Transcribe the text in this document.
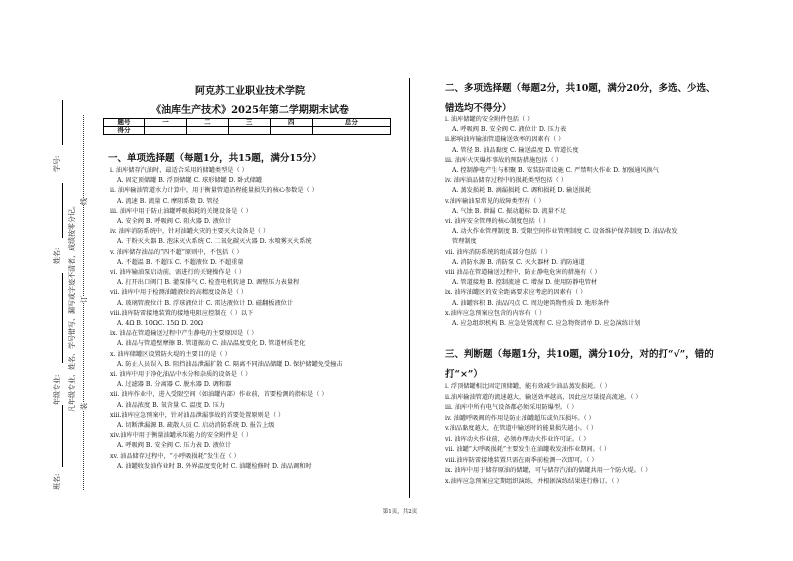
学号:
姓名:
年级专业:
班名:
凡年级专业、姓名、学号错写、漏写或字迹不清者，成绩按零分记。
线
订
装
阿克苏工业职业技术学院
《油库生产技术》2025年第二学期期末试卷
题号	一	二	三	四	总分
得分					
一、单项选择题（每题1分，共15题，满分15分）
i. 油库储存汽油时，最适合采用的储罐类型是（ ）
A. 固定顶储罐 B. 浮顶储罐 C. 球形储罐 D. 卧式储罐
ii. 油库输油管道水力计算中，用于衡量管道沿程能量损失的核心参数是（ ）
A. 流速 B. 流量 C. 摩阻系数 D. 管径
iii. 油库中用于防止油罐呼吸损耗的关键设备是（ ）
A. 安全阀 B. 呼吸阀 C. 阻火器 D. 液位计
iv. 油库消防系统中，针对油罐火灾的主要灭火设备是（ ）
A. 干粉灭火器 B. 泡沫灭火系统 C. 二氧化碳灭火器 D. 水喷雾灭火系统
v. 油库储存油品的“四不超”原则中，不包括（ ）
A. 不超温 B. 不超压 C. 不超液位 D. 不超重量
vi. 油库输油泵启动前，需进行的关键操作是（ ）
A. 打开出口阀门 B. 灌泵排气 C. 检查电机转速 D. 调整压力表量程
vii. 油库中用于检测油罐液位的高精度设备是（ ）
A. 玻璃管液位计 B. 浮球液位计 C. 雷达液位计 D. 磁翻板液位计
viii.油库防雷接地装置的接地电阻应控制在（ ）以下
A. 4Ω B. 10ΩC. 15Ω D. 20Ω
ix. 油品在管道输送过程中产生静电的主要原因是（ ）
A. 油品与管道壁摩擦 B. 管道振动 C. 油品温度变化 D. 管道材质老化
x. 油库储罐区设置防火堤的主要目的是（ ）
A. 防止人员误入 B. 阻挡油品泄漏扩散 C. 隔离不同油品储罐 D. 保护储罐免受撞击
xi. 油库中用于净化油品中水分和杂质的设备是（ ）
A. 过滤器 B. 分离器 C. 脱水器 D. 调和器
xii. 油库作业中，进入受限空间（如油罐内部）作业前，首要检测的指标是（ ）
A. 油品浓度 B. 氧含量 C. 温度 D. 压力
xiii.油库应急预案中，针对油品泄漏事故的首要处置原则是（ ）
A. 切断泄漏源 B. 疏散人员 C. 启动消防系统 D. 报告上级
xiv.油库中用于衡量油罐承压能力的安全附件是（ ）
A. 呼吸阀 B. 安全阀 C. 压力表 D. 液位计
xv. 油品储存过程中，“小呼吸损耗”发生在（ ）
A. 油罐收发油作业时 B. 外界温度变化时 C. 油罐检修时 D. 油品调和时
二、多项选择题（每题2分，共10题，满分20分，多选、少选、
错选均不得分）
i. 油库储罐的安全附件包括（ ）
A. 呼吸阀 B. 安全阀 C. 液位计 D. 压力表
ii.影响油库输油管道输送效率的因素有（ ）
A. 管径 B. 油品黏度 C. 输送温度 D. 管道长度
iii. 油库火灾爆炸事故的预防措施包括（ ）
A. 控制静电产生与积聚 B. 安装防雷设施 C. 严禁明火作业 D. 加强通风换气
iv. 油库油品储存过程中的损耗类型包括（ ）
A. 蒸发损耗 B. 滴漏损耗 C. 调和损耗 D. 输送损耗
v.油库输油泵常见的故障类型有（ ）
A. 气蚀 B. 泄漏 C. 振动超标 D. 流量不足
vi. 油库安全管理的核心制度包括（ ）
A. 动火作业管理制度 B. 受限空间作业管理制度 C. 设备维护保养制度 D. 油品收发
管理制度
vii. 油库消防系统的组成部分包括（ ）
A. 消防水源 B. 消防泵 C. 灭火器材 D. 消防通道
viii 油品在管道输送过程中，防止静电危害的措施有（ ）
A. 管道接地 B. 控制流速 C. 增湿 D. 使用防静电管材
ix. 油库油罐区的安全距离要求应考虑的因素有（ ）
A. 油罐容积 B. 油品闪点 C. 周边建筑物性质 D. 地形条件
x.油库应急预案应包含的内容有（ ）
A. 应急组织机构 B. 应急处置流程 C. 应急物资清单 D. 应急演练计划
三、判断题（每题1分，共10题，满分10分，对的打“√”，错的
打“×”）
i. 浮顶储罐相比固定顶储罐，能有效减少油品蒸发损耗。（ ）
ii.油库输油管道的流速越大，输送效率越高，因此应尽量提高流速。（ ）
iii. 油库中所有电气设备都必须采用防爆型。（ ）
iv. 油罐呼吸阀的作用是防止油罐超压或负压损坏。（ ）
v.油品黏度越大，在管道中输送时的能量损失越小。（ ）
vi. 油库动火作业前，必须办理动火作业许可证。（ ）
vii. 油罐“大呼吸损耗”主要发生在油罐收发油作业期间。（ ）
viii.油库防雷接地装置只需在雨季前检测一次即可。（ ）
ix. 油库中用于储存原油的储罐，可与储存汽油的储罐共用一个防火堤。（ ）
x.油库应急预案应定期组织演练，并根据演练结果进行修订。（ ）
第1页，共2页
